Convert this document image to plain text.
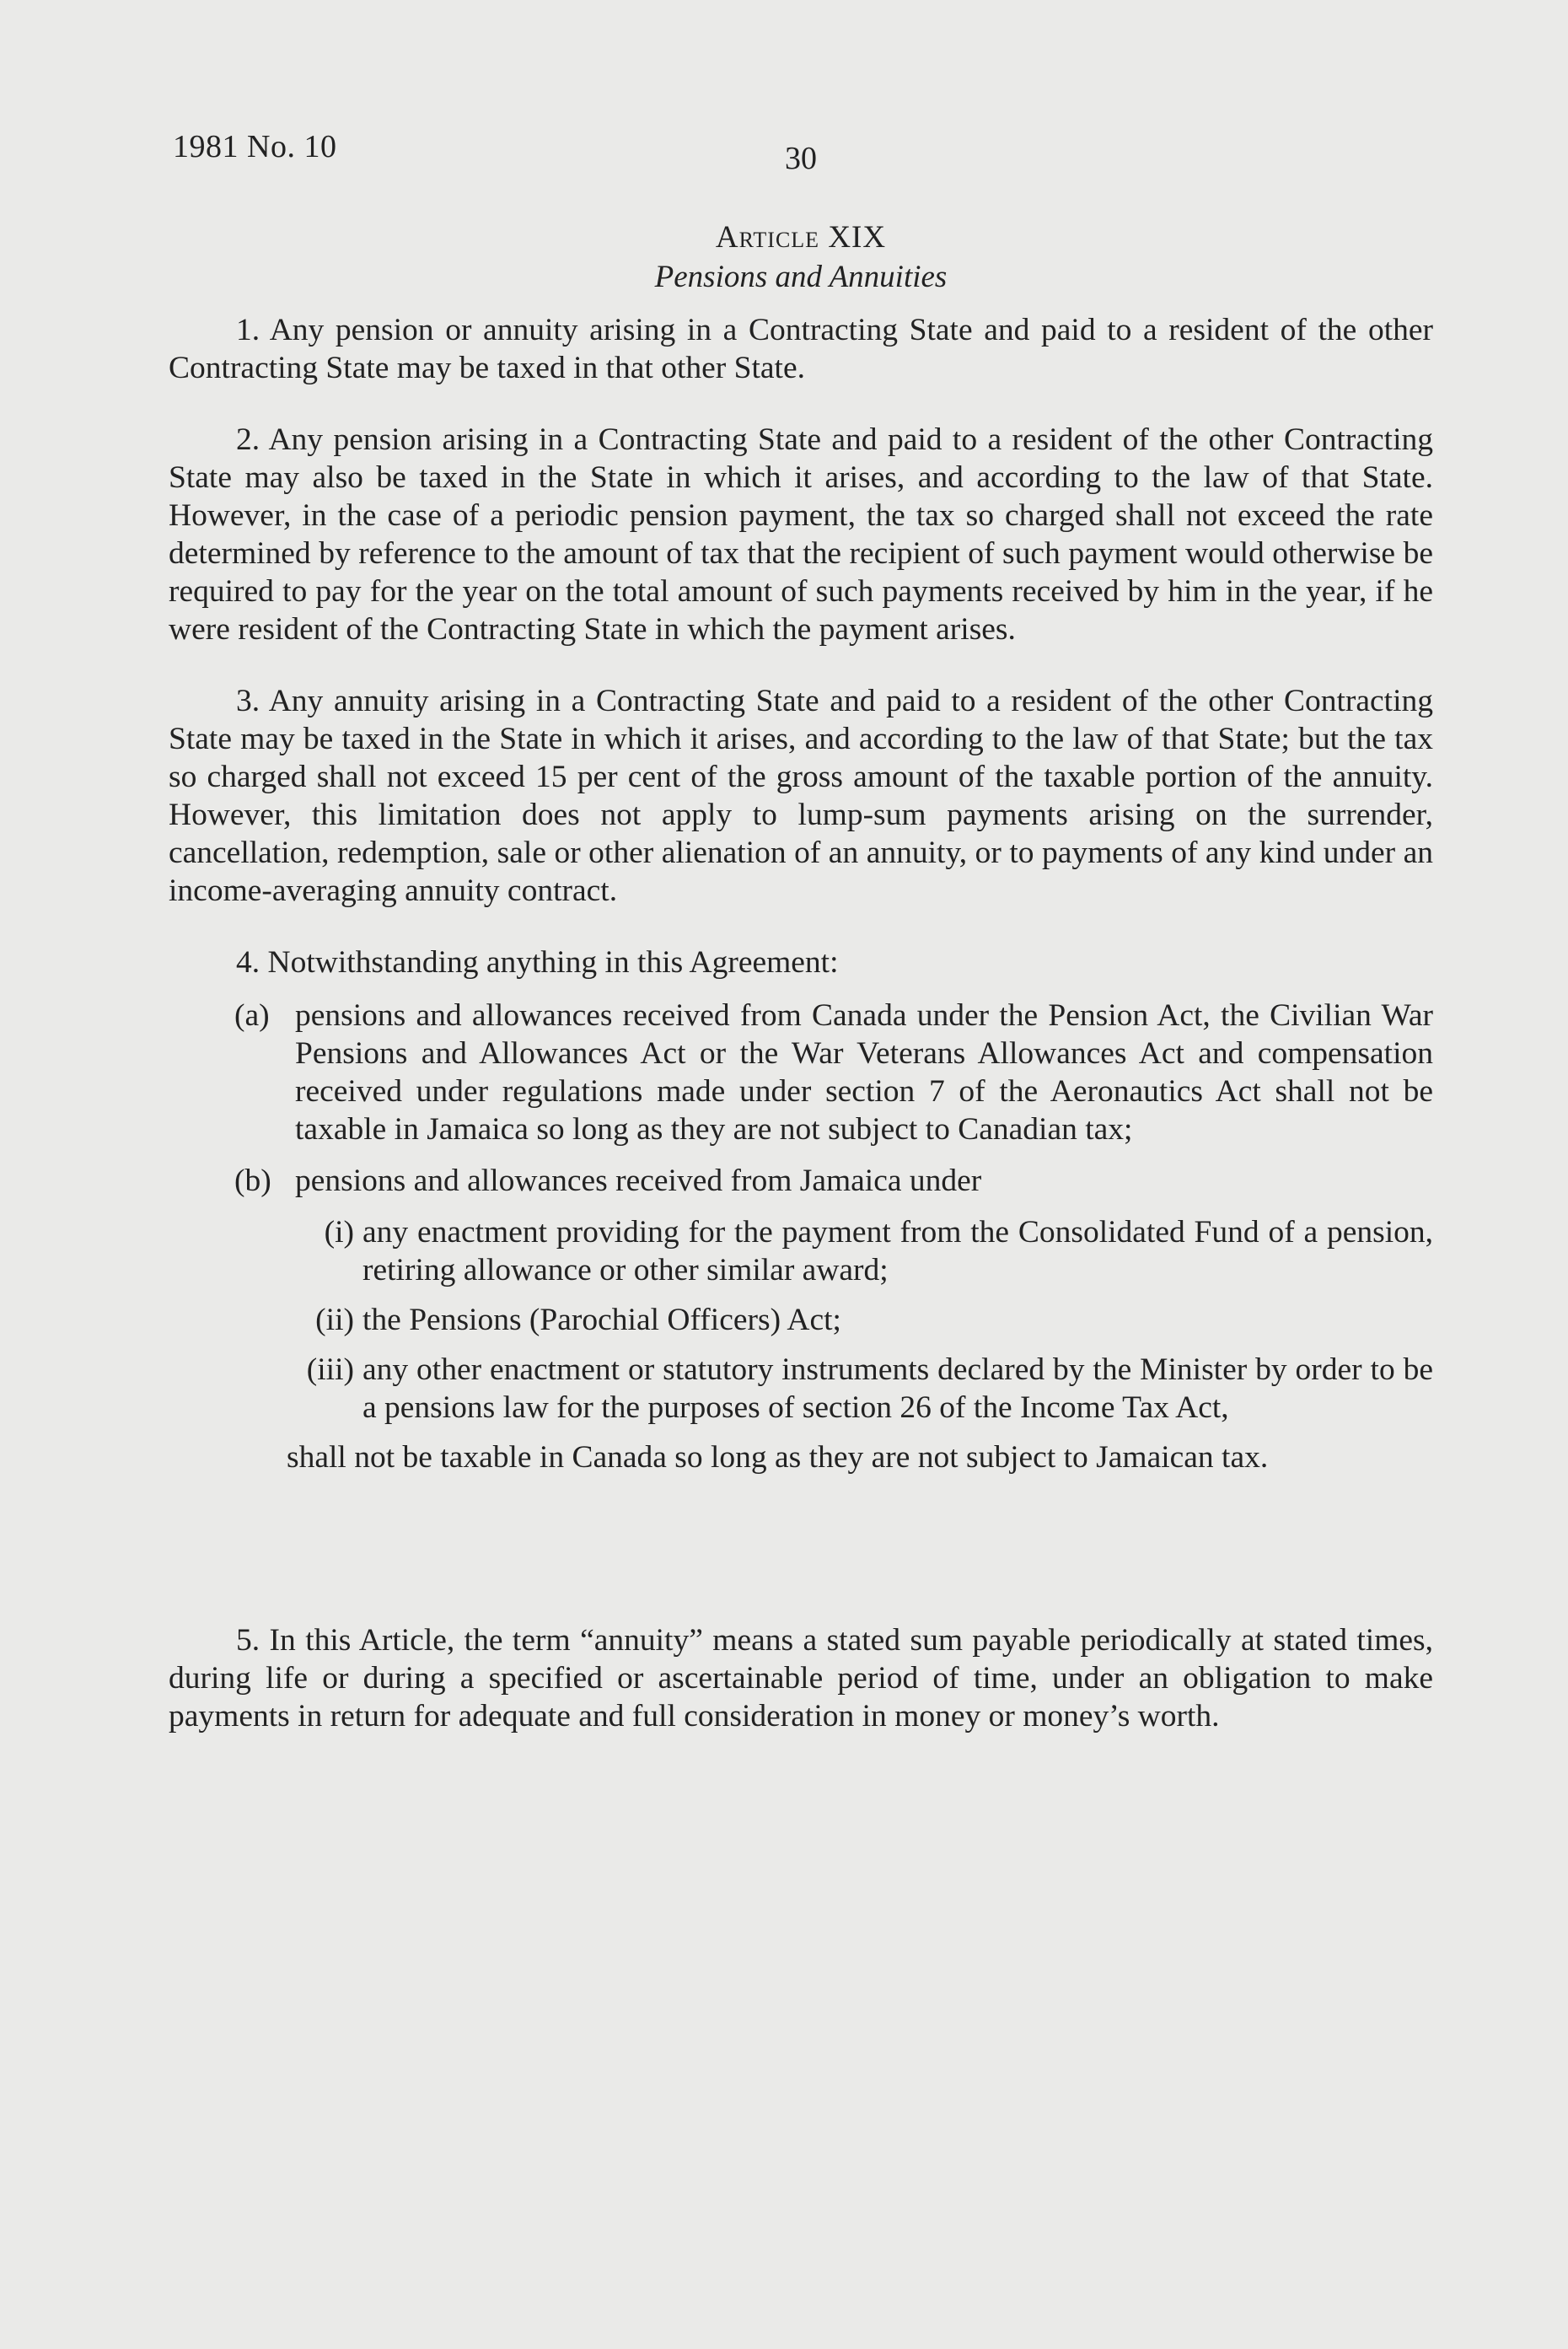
1981 No. 10	30
Article XIX
Pensions and Annuities

1. Any pension or annuity arising in a Contracting State and paid to a resident of the other Contracting State may be taxed in that other State.

2. Any pension arising in a Contracting State and paid to a resident of the other Contracting State may also be taxed in the State in which it arises, and according to the law of that State. However, in the case of a periodic pension payment, the tax so charged shall not exceed the rate determined by reference to the amount of tax that the recipient of such payment would otherwise be required to pay for the year on the total amount of such payments received by him in the year, if he were resident of the Contracting State in which the payment arises.

3. Any annuity arising in a Contracting State and paid to a resident of the other Contracting State may be taxed in the State in which it arises, and according to the law of that State; but the tax so charged shall not exceed 15 per cent of the gross amount of the taxable portion of the annuity. However, this limitation does not apply to lump-sum payments arising on the surrender, cancellation, redemption, sale or other alienation of an annuity, or to payments of any kind under an income-averaging annuity contract.

4. Notwithstanding anything in this Agreement:

(a) pensions and allowances received from Canada under the Pension Act, the Civilian War Pensions and Allowances Act or the War Veterans Allowances Act and compensation received under regulations made under section 7 of the Aeronautics Act shall not be taxable in Jamaica so long as they are not subject to Canadian tax;
(b) pensions and allowances received from Jamaica under
(i) any enactment providing for the payment from the Consolidated Fund of a pension, retiring allowance or other similar award;
(ii) the Pensions (Parochial Officers) Act;
(iii) any other enactment or statutory instruments declared by the Minister by order to be a pensions law for the purposes of section 26 of the Income Tax Act,

shall not be taxable in Canada so long as they are not subject to Jamaican tax.

5. In this Article, the term “annuity” means a stated sum payable periodically at stated times, during life or during a specified or ascertainable period of time, under an obligation to make payments in return for adequate and full consideration in money or money’s worth.
